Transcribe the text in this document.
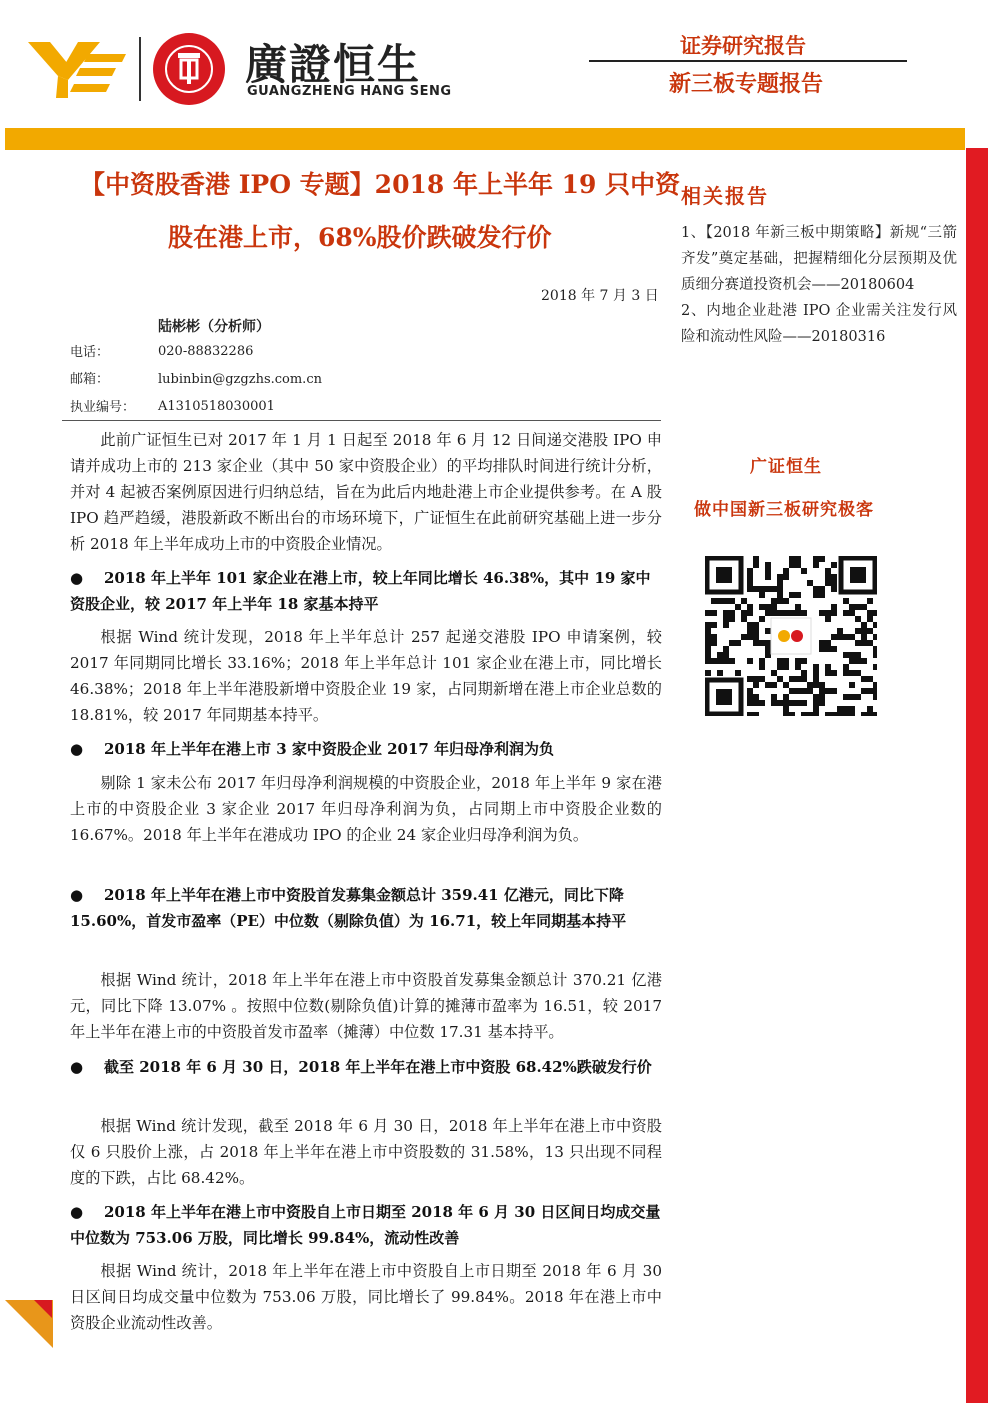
廣證恒生
GUANGZHENG HANG SENG
证券研究报告
新三板专题报告
【中资股香港 IPO 专题】2018 年上半年 19 只中资
股在港上市，68%股价跌破发行价
2018 年 7 月 3 日
陆彬彬（分析师）
电话：	020-88832286
邮箱：	lubinbin@gzgzhs.com.cn
执业编号： A1310518030001
此前广证恒生已对 2017 年 1 月 1 日起至 2018 年 6 月 12 日间递交港股 IPO 申请并成功上市的 213 家企业（其中 50 家中资股企业）的平均排队时间进行统计分析，并对 4 起被否案例原因进行归纳总结，旨在为此后内地赴港上市企业提供参考。在 A 股 IPO 趋严趋缓，港股新政不断出台的市场环境下，广证恒生在此前研究基础上进一步分析 2018 年上半年成功上市的中资股企业情况。
● 2018 年上半年 101 家企业在港上市，较上年同比增长 46.38%，其中 19 家中资股企业，较 2017 年上半年 18 家基本持平
根据 Wind 统计发现，2018 年上半年总计 257 起递交港股 IPO 申请案例，较 2017 年同期同比增长 33.16%；2018 年上半年总计 101 家企业在港上市，同比增长 46.38%；2018 年上半年港股新增中资股企业 19 家，占同期新增在港上市企业总数的 18.81%，较 2017 年同期基本持平。
● 2018 年上半年在港上市 3 家中资股企业 2017 年归母净利润为负
剔除 1 家未公布 2017 年归母净利润规模的中资股企业，2018 年上半年 9 家在港上市的中资股企业 3 家企业 2017 年归母净利润为负，占同期上市中资股企业数的 16.67%。2018 年上半年在港成功 IPO 的企业 24 家企业归母净利润为负。
● 2018 年上半年在港上市中资股首发募集金额总计 359.41 亿港元，同比下降 15.60%，首发市盈率（PE）中位数（剔除负值）为 16.71，较上年同期基本持平
根据 Wind 统计，2018 年上半年在港上市中资股首发募集金额总计 370.21 亿港元，同比下降 13.07% 。按照中位数(剔除负值)计算的摊薄市盈率为 16.51，较 2017 年上半年在港上市的中资股首发市盈率（摊薄）中位数 17.31 基本持平。
● 截至 2018 年 6 月 30 日，2018 年上半年在港上市中资股 68.42%跌破发行价
根据 Wind 统计发现，截至 2018 年 6 月 30 日，2018 年上半年在港上市中资股仅 6 只股价上涨，占 2018 年上半年在港上市中资股数的 31.58%，13 只出现不同程度的下跌，占比 68.42%。
● 2018 年上半年在港上市中资股自上市日期至 2018 年 6 月 30 日区间日均成交量中位数为 753.06 万股，同比增长 99.84%，流动性改善
根据 Wind 统计，2018 年上半年在港上市中资股自上市日期至 2018 年 6 月 30 日区间日均成交量中位数为 753.06 万股，同比增长了 99.84%。2018 年在港上市中资股企业流动性改善。
相关报告
1、【2018 年新三板中期策略】新规“三箭齐发”奠定基础，把握精细化分层预期及优质细分赛道投资机会——20180604
2、内地企业赴港 IPO 企业需关注发行风险和流动性风险——20180316
广证恒生
做中国新三板研究极客
